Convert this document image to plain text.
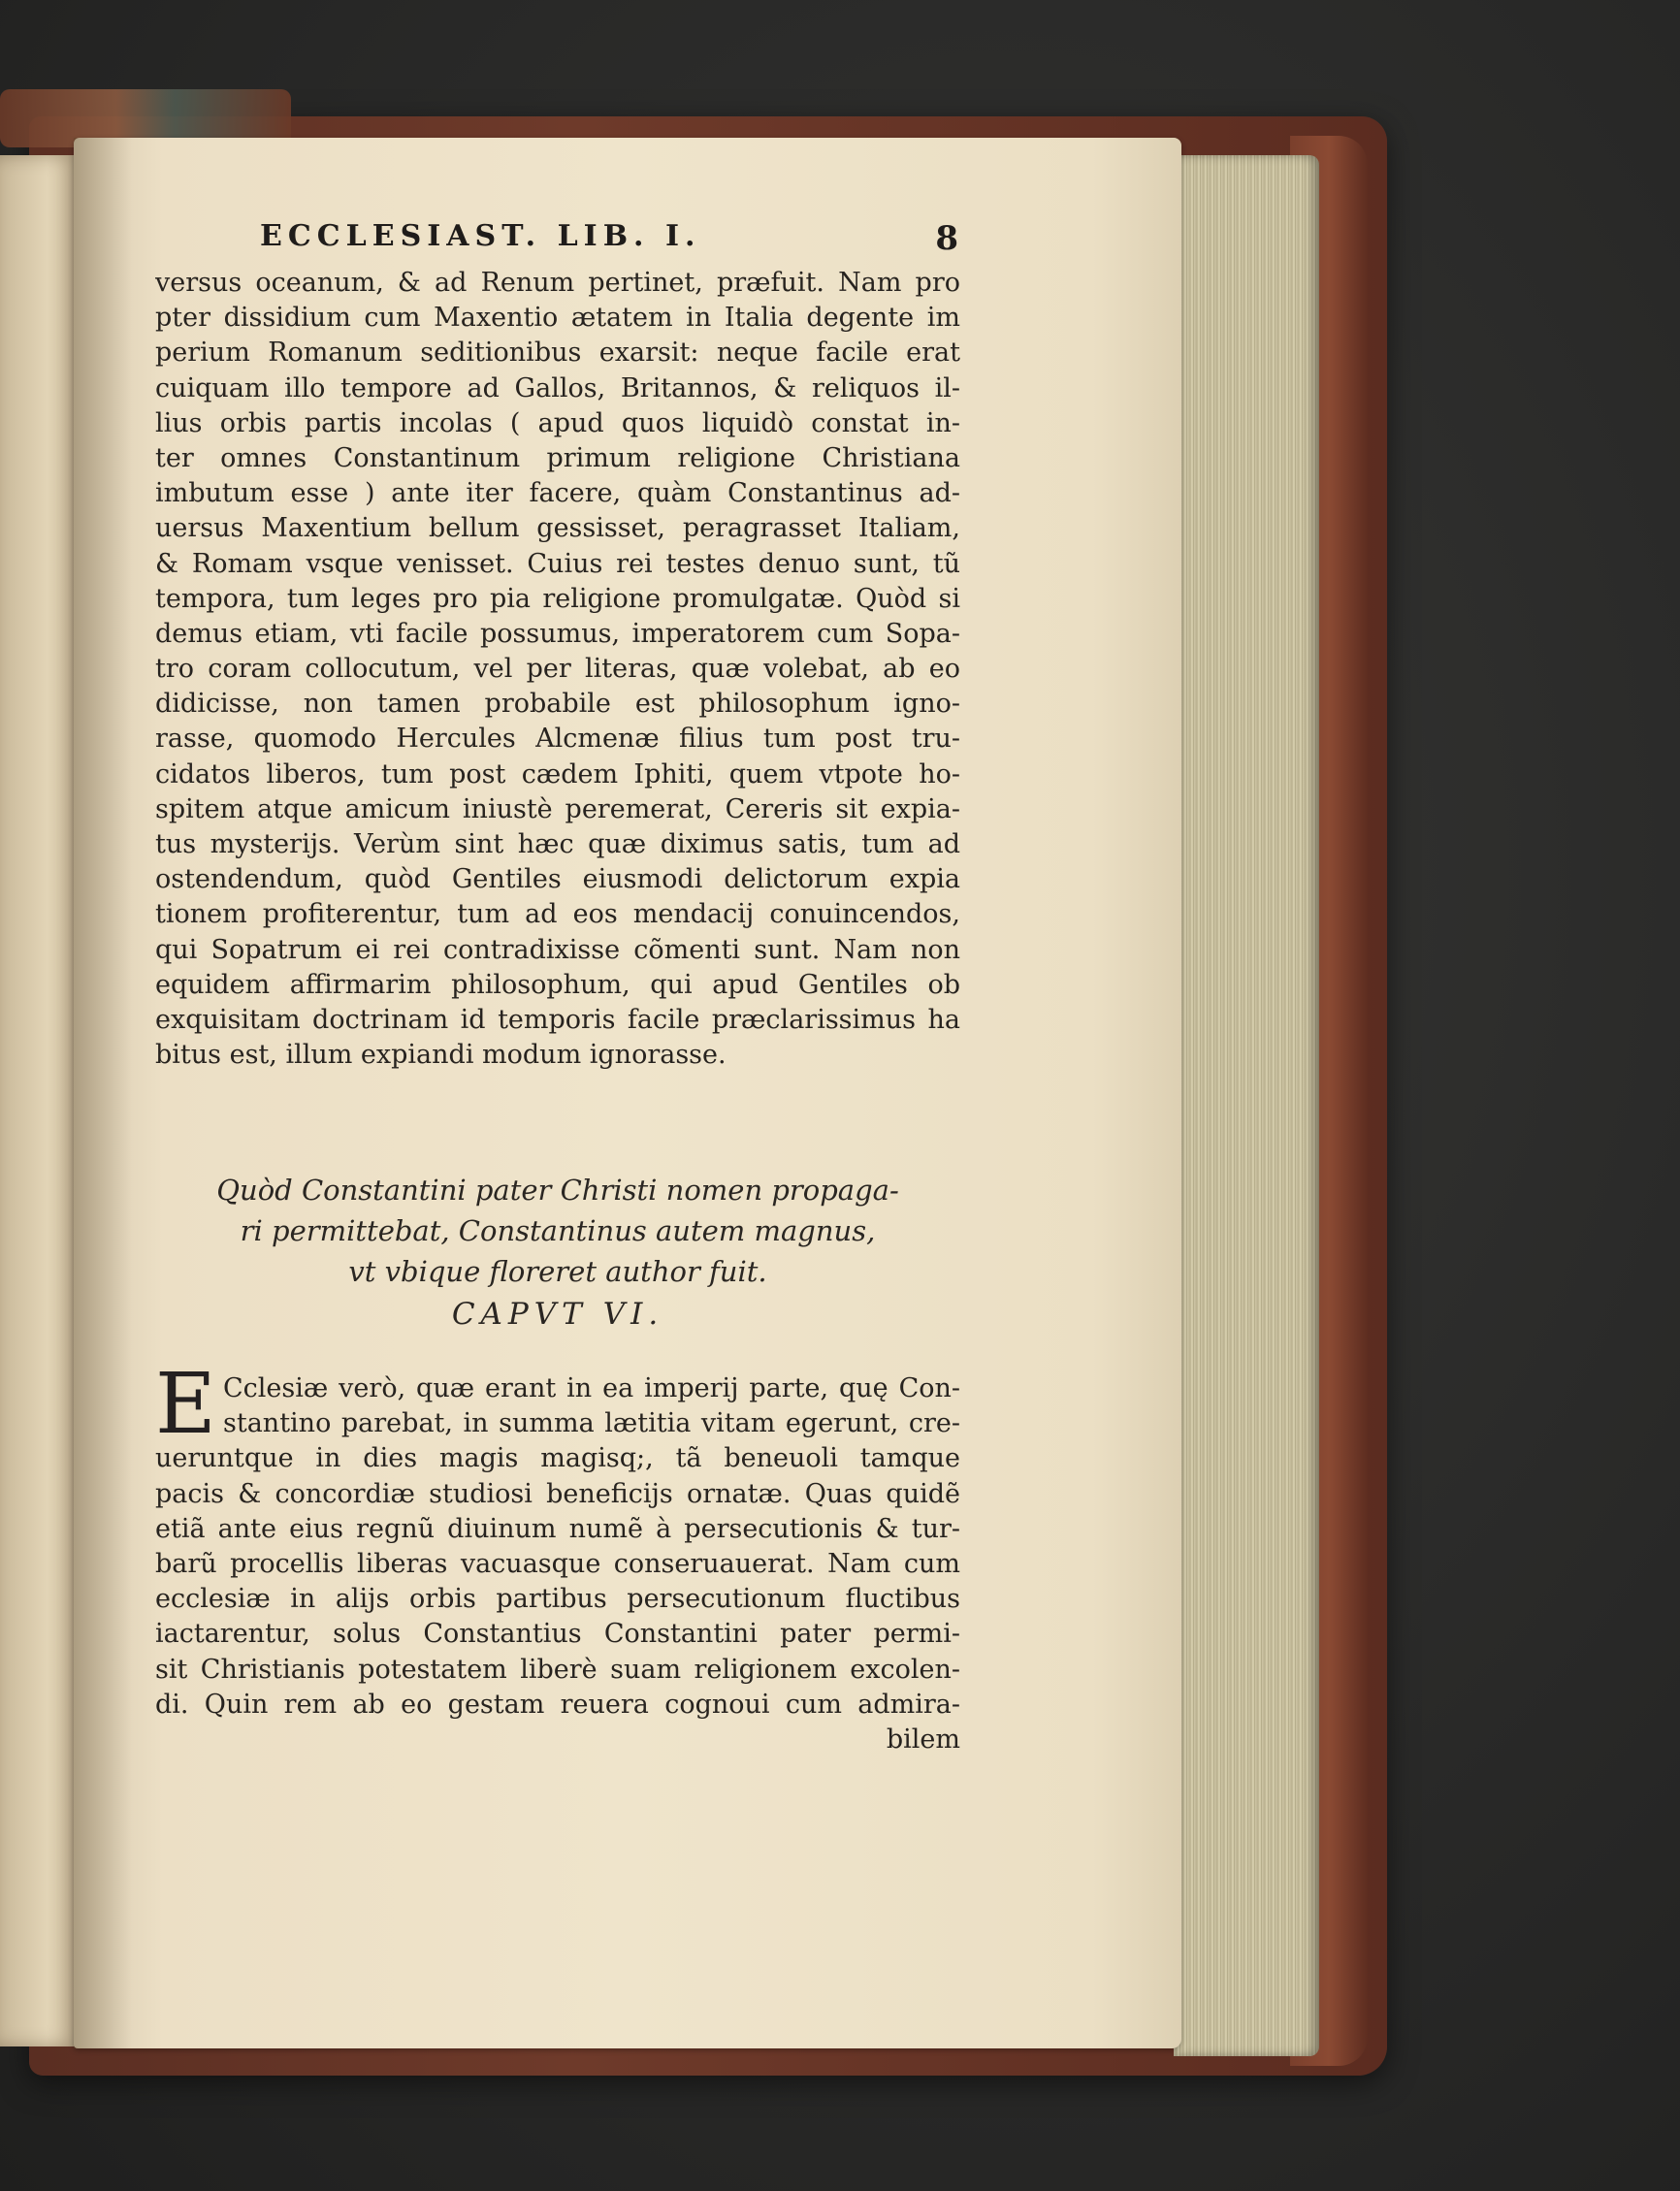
ECCLESIAST. LIB. I.	8
versus oceanum, & ad Renum pertinet, præfuit. Nam pro
pter dissidium cum Maxentio ætatem in Italia degente im
perium Romanum seditionibus exarsit: neque facile erat
cuiquam illo tempore ad Gallos, Britannos, & reliquos il-
lius orbis partis incolas ( apud quos liquidò constat in-
ter omnes Constantinum primum religione Christiana
imbutum esse ) ante iter facere, quàm Constantinus ad-
uersus Maxentium bellum gessisset, peragrasset Italiam,
& Romam vsque venisset. Cuius rei testes denuo sunt, tũ
tempora, tum leges pro pia religione promulgatæ. Quòd si
demus etiam, vti facile possumus, imperatorem cum Sopa-
tro coram collocutum, vel per literas, quæ volebat, ab eo
didicisse, non tamen probabile est philosophum igno-
rasse, quomodo Hercules Alcmenæ filius tum post tru-
cidatos liberos, tum post cædem Iphiti, quem vtpote ho-
spitem atque amicum iniustè peremerat, Cereris sit expia-
tus mysterijs. Verùm sint hæc quæ diximus satis, tum ad
ostendendum, quòd Gentiles eiusmodi delictorum expia
tionem profiterentur, tum ad eos mendacij conuincendos,
qui Sopatrum ei rei contradixisse cõmenti sunt. Nam non
equidem affirmarim philosophum, qui apud Gentiles ob
exquisitam doctrinam id temporis facile præclarissimus ha
bitus est, illum expiandi modum ignorasse.
Quòd Constantini pater Christi nomen propaga-
ri permittebat, Constantinus autem magnus,
vt vbique floreret author fuit.
CAPVT VI.
E Cclesiæ verò, quæ erant in ea imperij parte, quę Con-
stantino parebat, in summa lætitia vitam egerunt, cre-
ueruntque in dies magis magisq;, tã beneuoli tamque
pacis & concordiæ studiosi beneficijs ornatæ. Quas quidẽ
etiã ante eius regnũ diuinum numẽ à persecutionis & tur-
barũ procellis liberas vacuasque conseruauerat. Nam cum
ecclesiæ in alijs orbis partibus persecutionum fluctibus
iactarentur, solus Constantius Constantini pater permi-
sit Christianis potestatem liberè suam religionem excolen-
di. Quin rem ab eo gestam reuera cognoui cum admira-
bilem
